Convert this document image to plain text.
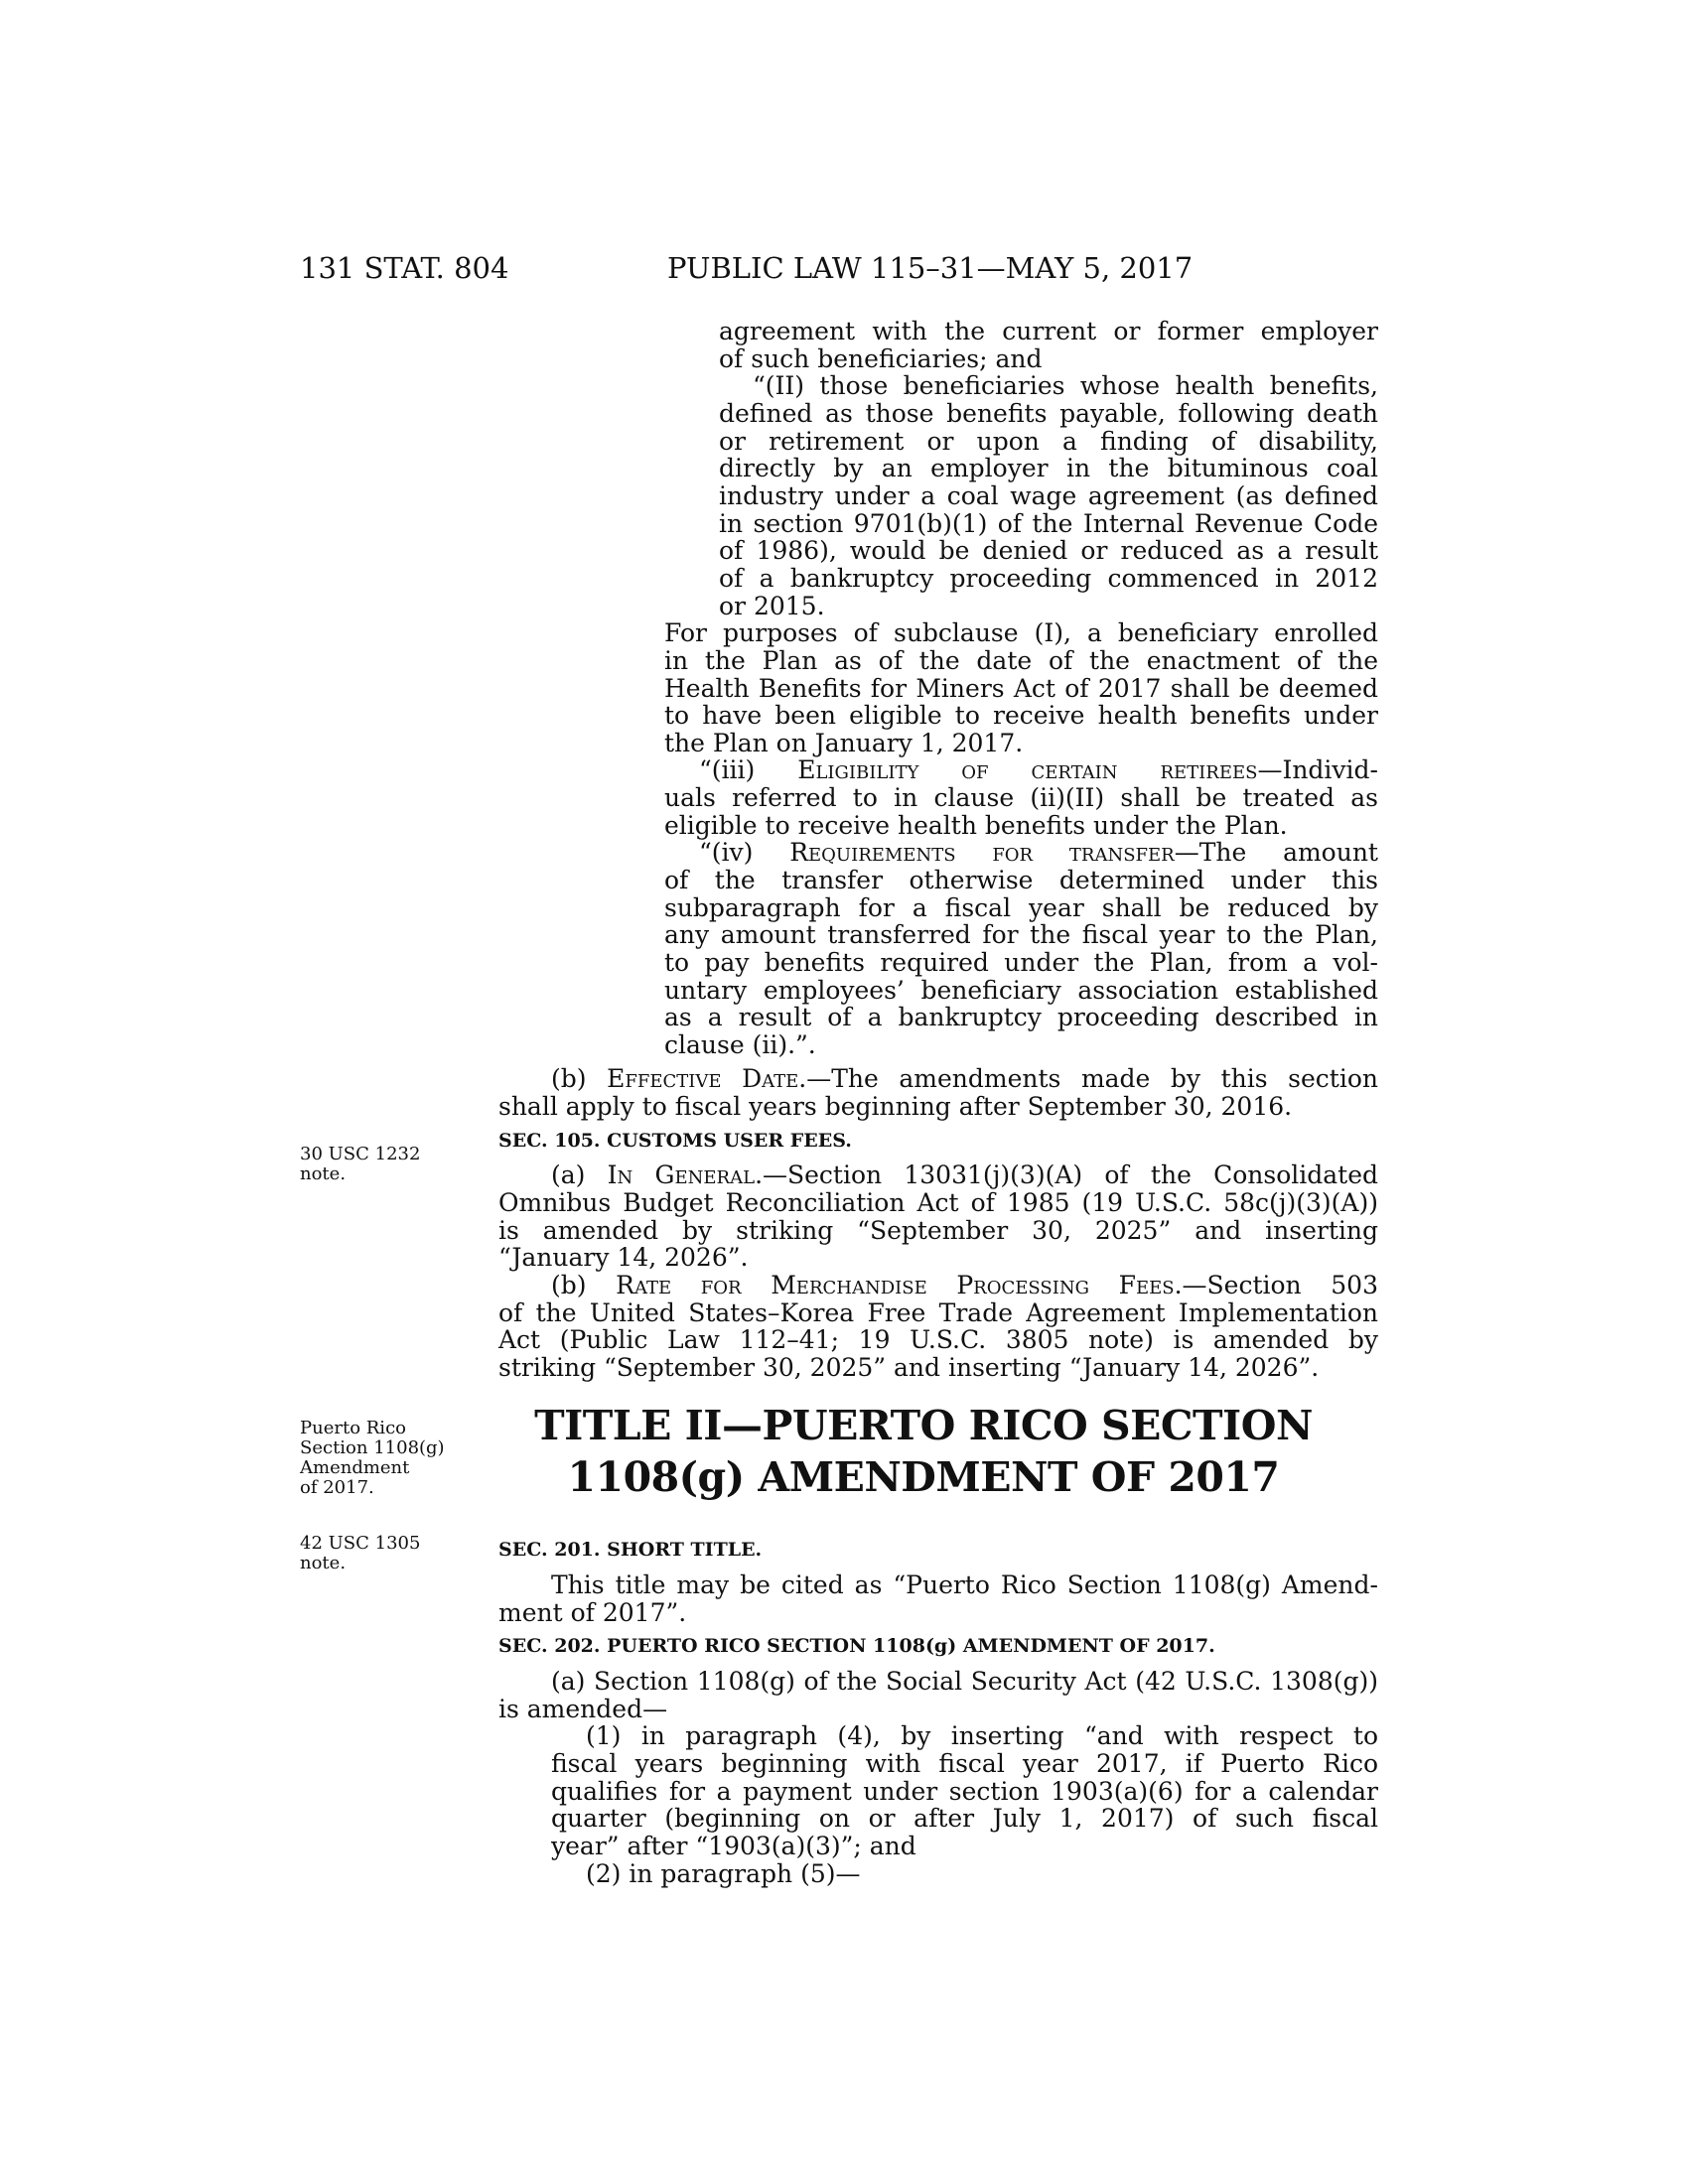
131 STAT. 804	PUBLIC LAW 115–31—MAY 5, 2017
30 USC 1232
note.
Puerto Rico
Section 1108(g)
Amendment
of 2017.
42 USC 1305
note.

agreement with the current or former employer

of such beneficiaries; and

“(II) those beneficiaries whose health benefits,

defined as those benefits payable, following death

or retirement or upon a finding of disability,

directly by an employer in the bituminous coal

industry under a coal wage agreement (as defined

in section 9701(b)(1) of the Internal Revenue Code

of 1986), would be denied or reduced as a result

of a bankruptcy proceeding commenced in 2012

or 2015.

For purposes of subclause (I), a beneficiary enrolled

in the Plan as of the date of the enactment of the

Health Benefits for Miners Act of 2017 shall be deemed

to have been eligible to receive health benefits under

the Plan on January 1, 2017.

“(iii) Eligibility of certain retirees—Individ-

uals referred to in clause (ii)(II) shall be treated as

eligible to receive health benefits under the Plan.

“(iv) Requirements for transfer—The amount

of the transfer otherwise determined under this

subparagraph for a fiscal year shall be reduced by

any amount transferred for the fiscal year to the Plan,

to pay benefits required under the Plan, from a vol-

untary employees’ beneficiary association established

as a result of a bankruptcy proceeding described in

clause (ii).”.

(b) Effective Date.—The amendments made by this section

shall apply to fiscal years beginning after September 30, 2016.

SEC. 105. CUSTOMS USER FEES.

(a) In General.—Section 13031(j)(3)(A) of the Consolidated

Omnibus Budget Reconciliation Act of 1985 (19 U.S.C. 58c(j)(3)(A))

is amended by striking “September 30, 2025” and inserting

“January 14, 2026”.

(b) Rate for Merchandise Processing Fees.—Section 503

of the United States–Korea Free Trade Agreement Implementation

Act (Public Law 112–41; 19 U.S.C. 3805 note) is amended by

striking “September 30, 2025” and inserting “January 14, 2026”.

TITLE II—PUERTO RICO SECTION
1108(g) AMENDMENT OF 2017
SEC. 201. SHORT TITLE.

This title may be cited as “Puerto Rico Section 1108(g) Amend-

ment of 2017”.

SEC. 202. PUERTO RICO SECTION 1108(g) AMENDMENT OF 2017.

(a) Section 1108(g) of the Social Security Act (42 U.S.C. 1308(g))

is amended—

(1) in paragraph (4), by inserting “and with respect to

fiscal years beginning with fiscal year 2017, if Puerto Rico

qualifies for a payment under section 1903(a)(6) for a calendar

quarter (beginning on or after July 1, 2017) of such fiscal

year” after “1903(a)(3)”; and

(2) in paragraph (5)—
